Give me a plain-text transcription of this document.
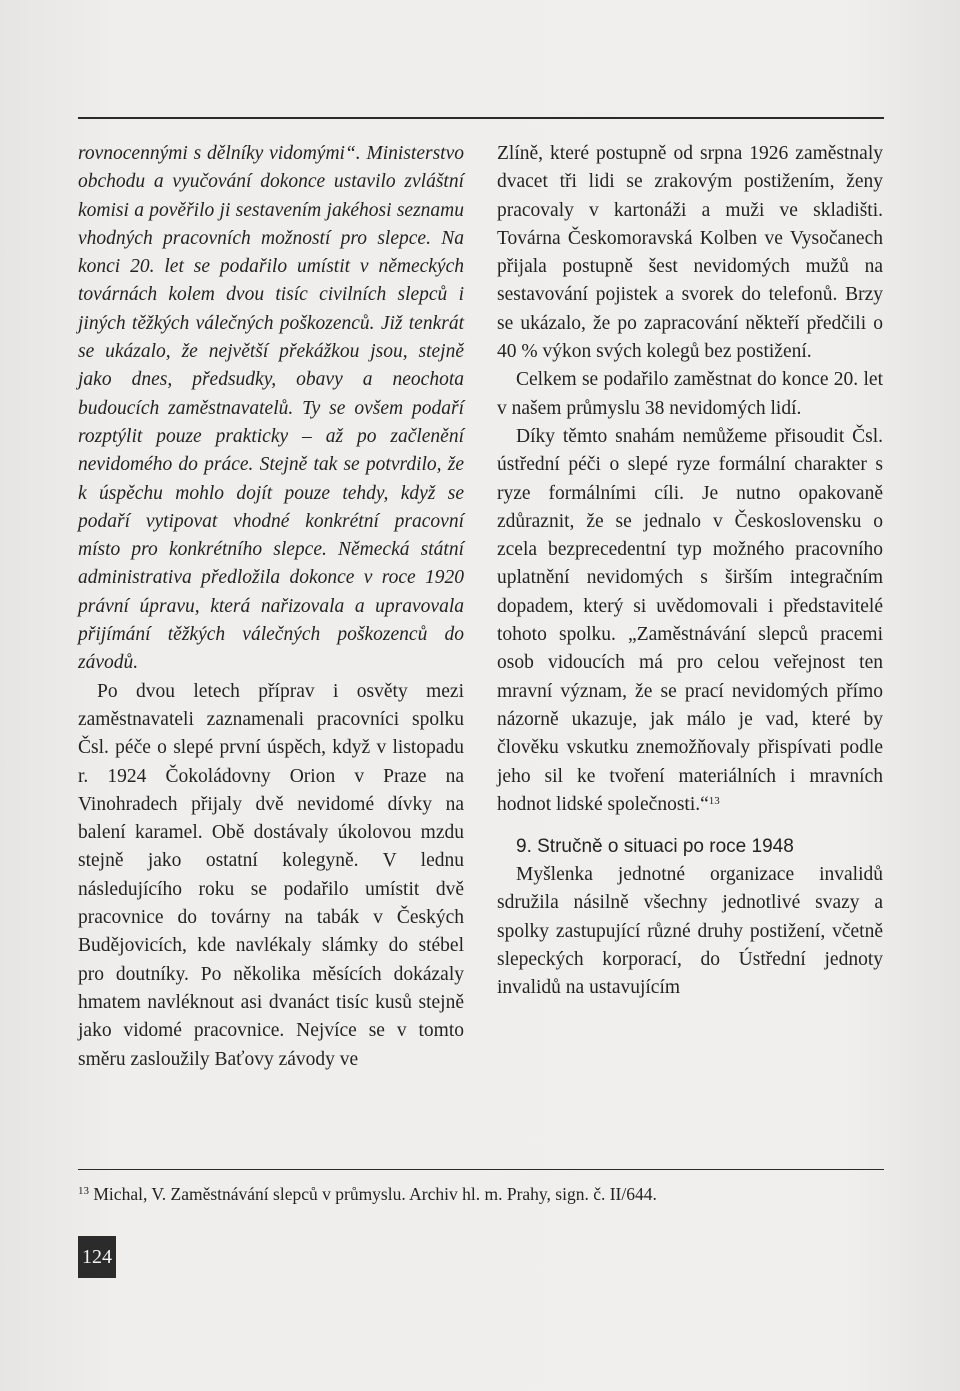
rovnocennými s dělníky vidomými“. Ministerstvo obchodu a vyučování dokonce ustavilo zvláštní komisi a pověřilo ji sestavením jakéhosi seznamu vhodných pracovních možností pro slepce. Na konci 20. let se podařilo umístit v německých továrnách kolem dvou tisíc civilních slepců i jiných těžkých válečných poškozenců. Již tenkrát se ukázalo, že největší překážkou jsou, stejně jako dnes, předsudky, obavy a neochota budoucích zaměstnavatelů. Ty se ovšem podaří rozptýlit pouze prakticky – až po začlenění nevidomého do práce. Stejně tak se potvrdilo, že k úspěchu mohlo dojít pouze tehdy, když se podaří vytipovat vhodné konkrétní pracovní místo pro konkrétního slepce. Německá státní administrativa předložila dokonce v roce 1920 právní úpravu, která nařizovala a upravovala přijímání těžkých válečných poškozenců do závodů.

Po dvou letech příprav i osvěty mezi zaměstnavateli zaznamenali pracovníci spolku Čsl. péče o slepé první úspěch, když v listopadu r. 1924 Čokoládovny Orion v Praze na Vinohradech přijaly dvě nevidomé dívky na balení karamel. Obě dostávaly úkolovou mzdu stejně jako ostatní kolegyně. V lednu následujícího roku se podařilo umístit dvě pracovnice do továrny na tabák v Českých Budějovicích, kde navlékaly slámky do stébel pro doutníky. Po několika měsících dokázaly hmatem navléknout asi dvanáct tisíc kusů stejně jako vidomé pracovnice. Nejvíce se v tomto směru zasloužily Baťovy závody ve

Zlíně, které postupně od srpna 1926 zaměstnaly dvacet tři lidi se zrakovým postižením, ženy pracovaly v kartonáži a muži ve skladišti. Továrna Českomoravská Kolben ve Vysočanech přijala postupně šest nevidomých mužů na sestavování pojistek a svorek do telefonů. Brzy se ukázalo, že po zapracování někteří předčili o 40 % výkon svých kolegů bez postižení.

Celkem se podařilo zaměstnat do konce 20. let v našem průmyslu 38 nevidomých lidí.

Díky těmto snahám nemůžeme přisoudit Čsl. ústřední péči o slepé ryze formální charakter s ryze formálními cíli. Je nutno opakovaně zdůraznit, že se jednalo v Československu o zcela bezprecedentní typ možného pracovního uplatnění nevidomých s širším integračním dopadem, který si uvědomovali i představitelé tohoto spolku. „Zaměstnávání slepců pracemi osob vidoucích má pro celou veřejnost ten mravní význam, že se prací nevidomých přímo názorně ukazuje, jak málo je vad, které by člověku vskutku znemožňovaly přispívati podle jeho sil ke tvoření materiálních i mravních hodnot lidské společnosti.“$^{13}$

9. Stručně o situaci po roce 1948

Myšlenka jednotné organizace invalidů sdružila násilně všechny jednotlivé svazy a spolky zastupující různé druhy postižení, včetně slepeckých korporací, do Ústřední jednoty invalidů na ustavujícím

$^{13}$ Michal, V. Zaměstnávání slepců v průmyslu. Archiv hl. m. Prahy, sign. č. II/644.
124
